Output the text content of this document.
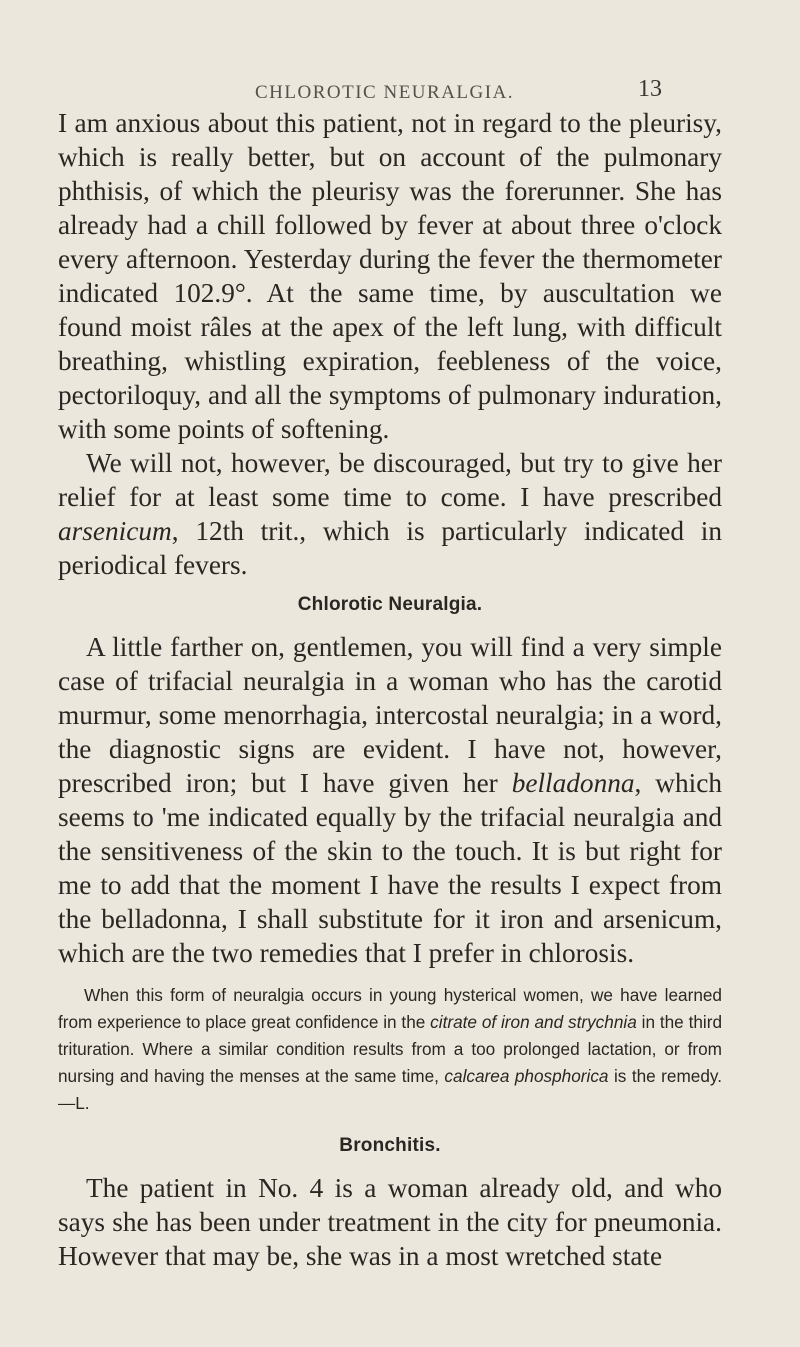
CHLOROTIC NEURALGIA.	13

I am anxious about this patient, not in regard to the pleurisy, which is really better, but on account of the pulmonary phthisis, of which the pleurisy was the forerunner. She has already had a chill followed by fever at about three o'clock every afternoon. Yesterday during the fever the thermometer indicated 102.9°. At the same time, by auscultation we found moist râles at the apex of the left lung, with difficult breathing, whistling expiration, feebleness of the voice, pectoriloquy, and all the symptoms of pulmonary induration, with some points of softening.

We will not, however, be discouraged, but try to give her relief for at least some time to come. I have prescribed arsenicum, 12th trit., which is particularly indicated in periodical fevers.

Chlorotic Neuralgia.

A little farther on, gentlemen, you will find a very simple case of trifacial neuralgia in a woman who has the carotid murmur, some menorrhagia, intercostal neuralgia; in a word, the diagnostic signs are evident. I have not, however, prescribed iron; but I have given her belladonna, which seems to 'me indicated equally by the trifacial neuralgia and the sensitiveness of the skin to the touch. It is but right for me to add that the moment I have the results I expect from the belladonna, I shall substitute for it iron and arsenicum, which are the two remedies that I prefer in chlorosis.

When this form of neuralgia occurs in young hysterical women, we have learned from experience to place great confidence in the citrate of iron and strychnia in the third trituration. Where a similar condition results from a too prolonged lactation, or from nursing and having the menses at the same time, calcarea phosphorica is the remedy.—L.
Bronchitis.

The patient in No. 4 is a woman already old, and who says she has been under treatment in the city for pneumonia. However that may be, she was in a most wretched state
